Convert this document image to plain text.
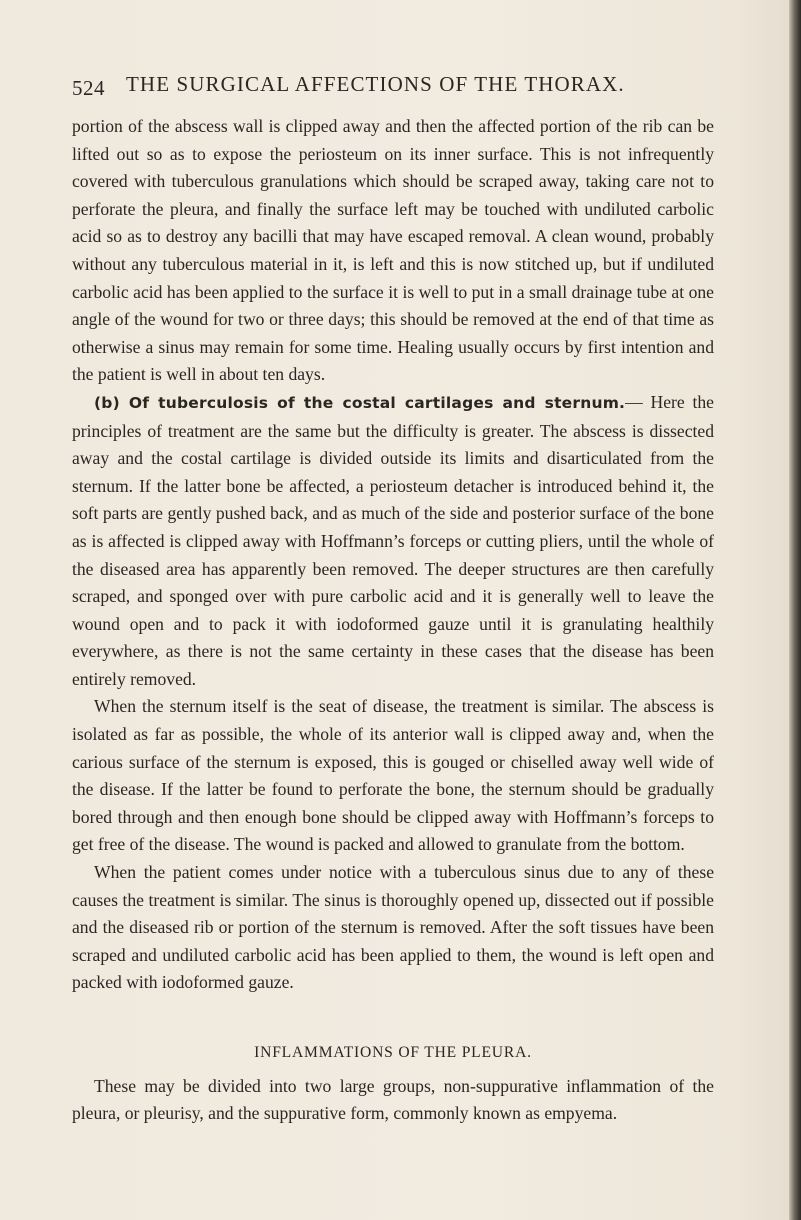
524 THE SURGICAL AFFECTIONS OF THE THORAX.

portion of the abscess wall is clipped away and then the affected portion of the rib can be lifted out so as to expose the periosteum on its inner surface. This is not infrequently covered with tuberculous granulations which should be scraped away, taking care not to perforate the pleura, and finally the surface left may be touched with undiluted carbolic acid so as to destroy any bacilli that may have escaped removal. A clean wound, probably without any tuberculous material in it, is left and this is now stitched up, but if undiluted carbolic acid has been applied to the surface it is well to put in a small drainage tube at one angle of the wound for two or three days; this should be removed at the end of that time as otherwise a sinus may remain for some time. Healing usually occurs by first intention and the patient is well in about ten days.

(b) Of tuberculosis of the costal cartilages and sternum.— Here the principles of treatment are the same but the difficulty is greater. The abscess is dissected away and the costal cartilage is divided outside its limits and disarticulated from the sternum. If the latter bone be affected, a periosteum detacher is introduced behind it, the soft parts are gently pushed back, and as much of the side and posterior surface of the bone as is affected is clipped away with Hoffmann’s forceps or cutting pliers, until the whole of the diseased area has apparently been removed. The deeper structures are then carefully scraped, and sponged over with pure carbolic acid and it is generally well to leave the wound open and to pack it with iodoformed gauze until it is granulating healthily everywhere, as there is not the same certainty in these cases that the disease has been entirely removed.

When the sternum itself is the seat of disease, the treatment is similar. The abscess is isolated as far as possible, the whole of its anterior wall is clipped away and, when the carious surface of the sternum is exposed, this is gouged or chiselled away well wide of the disease. If the latter be found to perforate the bone, the sternum should be gradually bored through and then enough bone should be clipped away with Hoffmann’s forceps to get free of the disease. The wound is packed and allowed to granulate from the bottom.

When the patient comes under notice with a tuberculous sinus due to any of these causes the treatment is similar. The sinus is thoroughly opened up, dissected out if possible and the diseased rib or portion of the sternum is removed. After the soft tissues have been scraped and undiluted carbolic acid has been applied to them, the wound is left open and packed with iodoformed gauze.

INFLAMMATIONS OF THE PLEURA.

These may be divided into two large groups, non-suppurative inflammation of the pleura, or pleurisy, and the suppurative form, commonly known as empyema.
